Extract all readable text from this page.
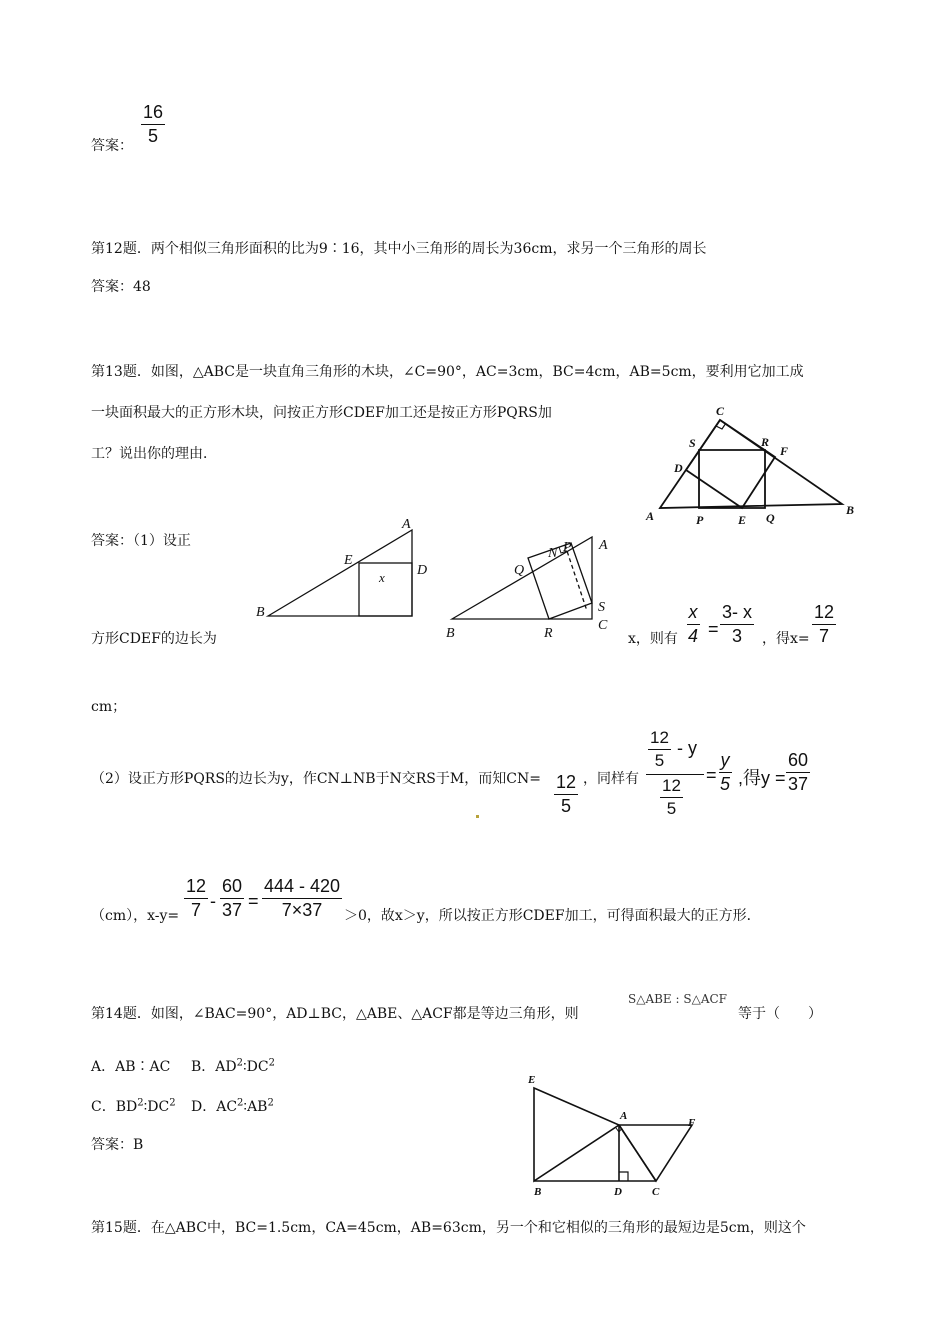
答案： $\frac{16}{5}$
第12题．两个相似三角形面积的比为9∶16，其中小三角形的周长为36cm，求另一个三角形的周长
答案：48
第13题．如图，△ABC是一块直角三角形的木块，∠C=90°，AC=3cm，BC=4cm，AB=5cm，要利用它加工成
一块面积最大的正方形木块，问按正方形CDEF加工还是按正方形PQRS加
工？说出你的理由．
C
S	R
F
D
A	P	E Q
B
答案：（1）设正
A
E
D
x
B
N P A
Q
S
B	R
C
方形CDEF的边长为	x，则有 $\frac{x}{4} = \frac{3- x}{3}$ ，得$x= \frac{12}{7}$
cm；
（2）设正方形PQRS的边长为y，作CN⊥NB于N交RS于M，而知$CN= \frac{12}{5}$ ，同样有
$\frac{12}{5}$ - y
$\frac{12}{5}$
= $\frac{y}{5}$ ,得$y = \frac{60}{37}$
（cm），$x-y= \frac{12}{7} - \frac{60}{37} = \frac{444 - 420}{7\times 37} >0$，故x＞y，所以按正方形CDEF加工，可得面积最大的正方形．
第14题．如图，∠BAC=90°，AD⊥BC，△ABE、△ACF都是等边三角形，则
S△ABE : S△ACF
等于（　　）
A．AB∶AC B．$AD^2∶DC^2$
C．$BD^2∶DC^2$ D．$AC^2∶AB^2$
答案：B
E
A
F
B	D	C
第15题．在△ABC中，BC=1.5cm，CA=45cm，AB=63cm，另一个和它相似的三角形的最短边是5cm，则这个
